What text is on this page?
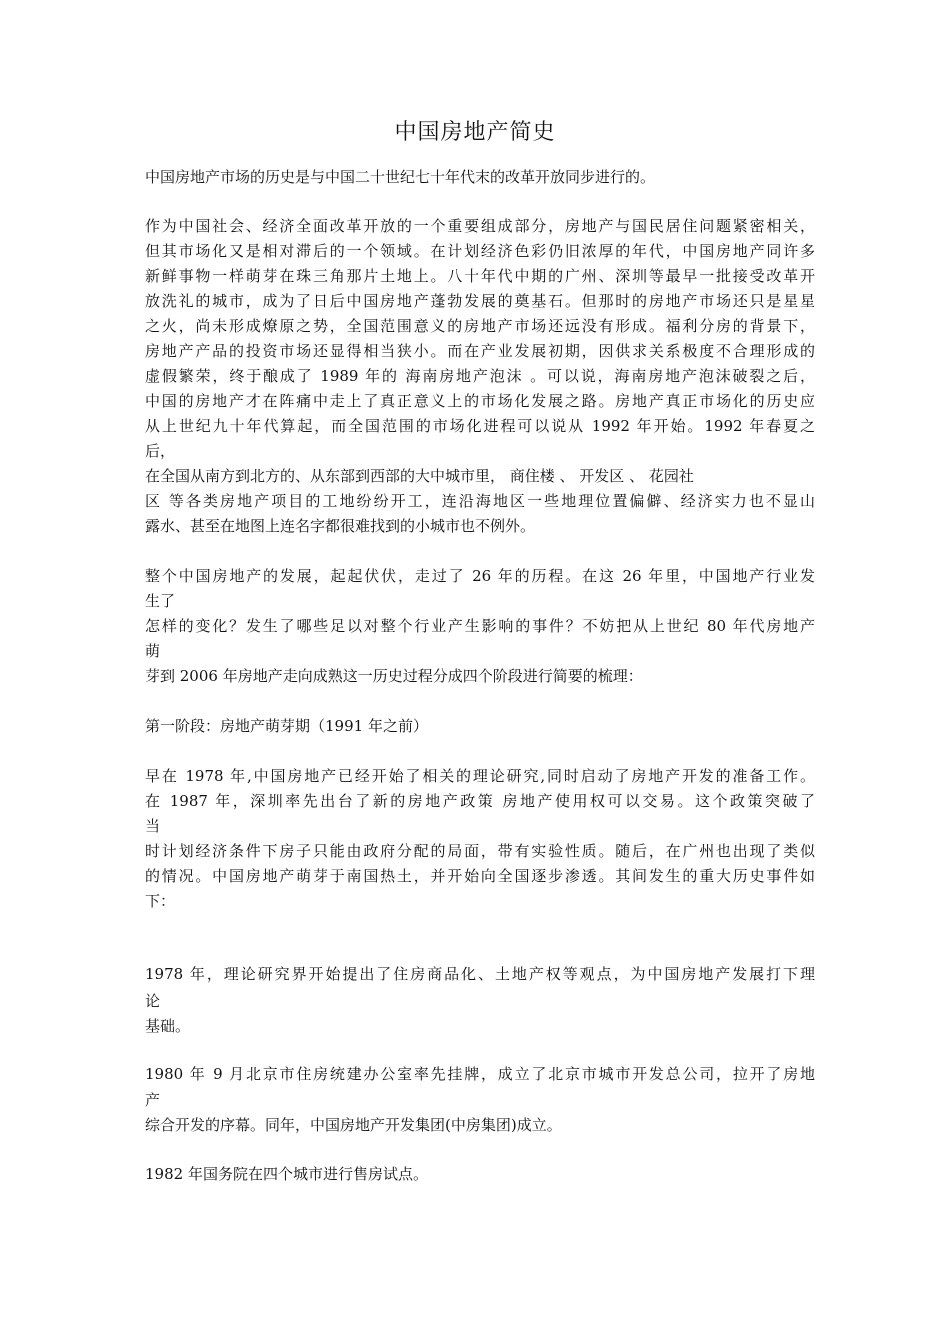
中国房地产简史
中国房地产市场的历史是与中国二十世纪七十年代末的改革开放同步进行的。
作为中国社会、经济全面改革开放的一个重要组成部分，房地产与国民居住问题紧密相关，
但其市场化又是相对滞后的一个领域。在计划经济色彩仍旧浓厚的年代，中国房地产同许多
新鲜事物一样萌芽在珠三角那片土地上。八十年代中期的广州、深圳等最早一批接受改革开
放洗礼的城市，成为了日后中国房地产蓬勃发展的奠基石。但那时的房地产市场还只是星星
之火，尚未形成燎原之势，全国范围意义的房地产市场还远没有形成。福利分房的背景下，
房地产产品的投资市场还显得相当狭小。而在产业发展初期，因供求关系极度不合理形成的
虚假繁荣，终于酿成了 1989 年的 海南房地产泡沫 。可以说，海南房地产泡沫破裂之后，
中国的房地产才在阵痛中走上了真正意义上的市场化发展之路。房地产真正市场化的历史应
从上世纪九十年代算起，而全国范围的市场化进程可以说从 1992 年开始。1992 年春夏之
后，
在全国从南方到北方的、从东部到西部的大中城市里， 商住楼 、 开发区 、 花园社
区 等各类房地产项目的工地纷纷开工，连沿海地区一些地理位置偏僻、经济实力也不显山
露水、甚至在地图上连名字都很难找到的小城市也不例外。
整个中国房地产的发展，起起伏伏，走过了 26 年的历程。在这 26 年里，中国地产行业发
生了
怎样的变化？发生了哪些足以对整个行业产生影响的事件？不妨把从上世纪 80 年代房地产
萌
芽到 2006 年房地产走向成熟这一历史过程分成四个阶段进行简要的梳理：
第一阶段：房地产萌芽期（1991 年之前）
早在 1978 年,中国房地产已经开始了相关的理论研究,同时启动了房地产开发的准备工作。
在 1987 年，深圳率先出台了新的房地产政策 房地产使用权可以交易。这个政策突破了
当
时计划经济条件下房子只能由政府分配的局面，带有实验性质。随后，在广州也出现了类似
的情况。中国房地产萌芽于南国热土，并开始向全国逐步渗透。其间发生的重大历史事件如
下：
1978 年，理论研究界开始提出了住房商品化、土地产权等观点，为中国房地产发展打下理
论
基础。
1980 年 9 月北京市住房统建办公室率先挂牌，成立了北京市城市开发总公司，拉开了房地
产
综合开发的序幕。同年，中国房地产开发集团(中房集团)成立。
1982 年国务院在四个城市进行售房试点。
